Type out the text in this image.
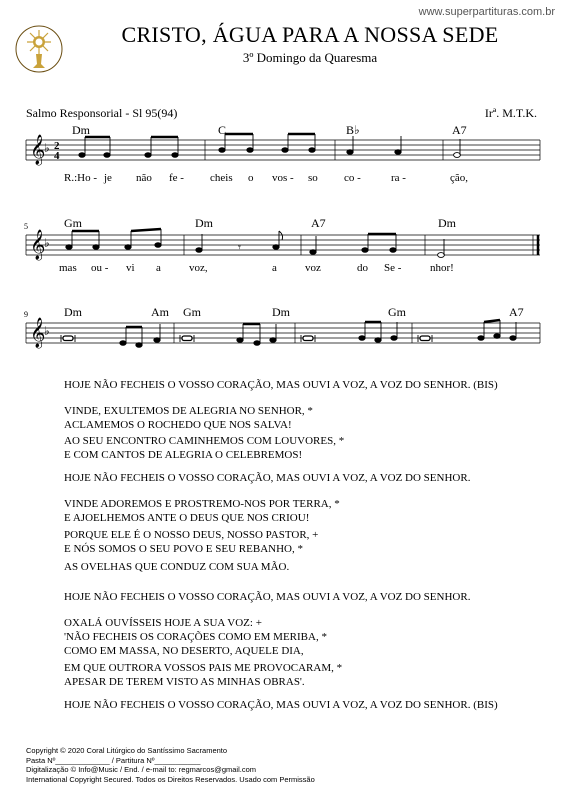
www.superpartituras.com.br
CRISTO, ÁGUA PARA A NOSSA SEDE
3º Domingo da Quaresma
Salmo Responsorial - Sl 95(94)	Irª. M.T.K.
Dm	C	B♭	A7
𝄞
♭ 2
4
R.:Ho - je não fe - cheis o vos - so co -	ra -	ção,
Gm	Dm	A7	Dm
5
𝄞
♭	𝄾
mas ou - vi a	voz,	a	voz	do Se -	nhor!
Dm	Am Gm	Dm	Gm	A7
9
𝄞
♭
HOJE NÃO FECHEIS O VOSSO CORAÇÃO, MAS OUVI A VOZ, A VOZ DO SENHOR. (BIS)
VINDE, EXULTEMOS DE ALEGRIA NO SENHOR, *
ACLAMEMOS O ROCHEDO QUE NOS SALVA!
AO SEU ENCONTRO CAMINHEMOS COM LOUVORES, *
E COM CANTOS DE ALEGRIA O CELEBREMOS!
HOJE NÃO FECHEIS O VOSSO CORAÇÃO, MAS OUVI A VOZ, A VOZ DO SENHOR.
VINDE ADOREMOS E PROSTREMO-NOS POR TERRA, *
E AJOELHEMOS ANTE O DEUS QUE NOS CRIOU!
PORQUE ELE É O NOSSO DEUS, NOSSO PASTOR, +
E NÓS SOMOS O SEU POVO E SEU REBANHO, *
AS OVELHAS QUE CONDUZ COM SUA MÃO.
HOJE NÃO FECHEIS O VOSSO CORAÇÃO, MAS OUVI A VOZ, A VOZ DO SENHOR.
OXALÁ OUVÍSSEIS HOJE A SUA VOZ: +
'NÃO FECHEIS OS CORAÇÕES COMO EM MERIBA, *
COMO EM MASSA, NO DESERTO, AQUELE DIA,
EM QUE OUTRORA VOSSOS PAIS ME PROVOCARAM, *
APESAR DE TEREM VISTO AS MINHAS OBRAS'.
HOJE NÃO FECHEIS O VOSSO CORAÇÃO, MAS OUVI A VOZ, A VOZ DO SENHOR. (BIS)
Copyright © 2020 Coral Litúrgico do Santíssimo Sacramento
Pasta Nº_____________ / Partitura Nº___________
Digitalização © Info@Music / End. / e-mail to: regmarcos@gmail.com
International Copyright Secured. Todos os Direitos Reservados. Usado com Permissão
